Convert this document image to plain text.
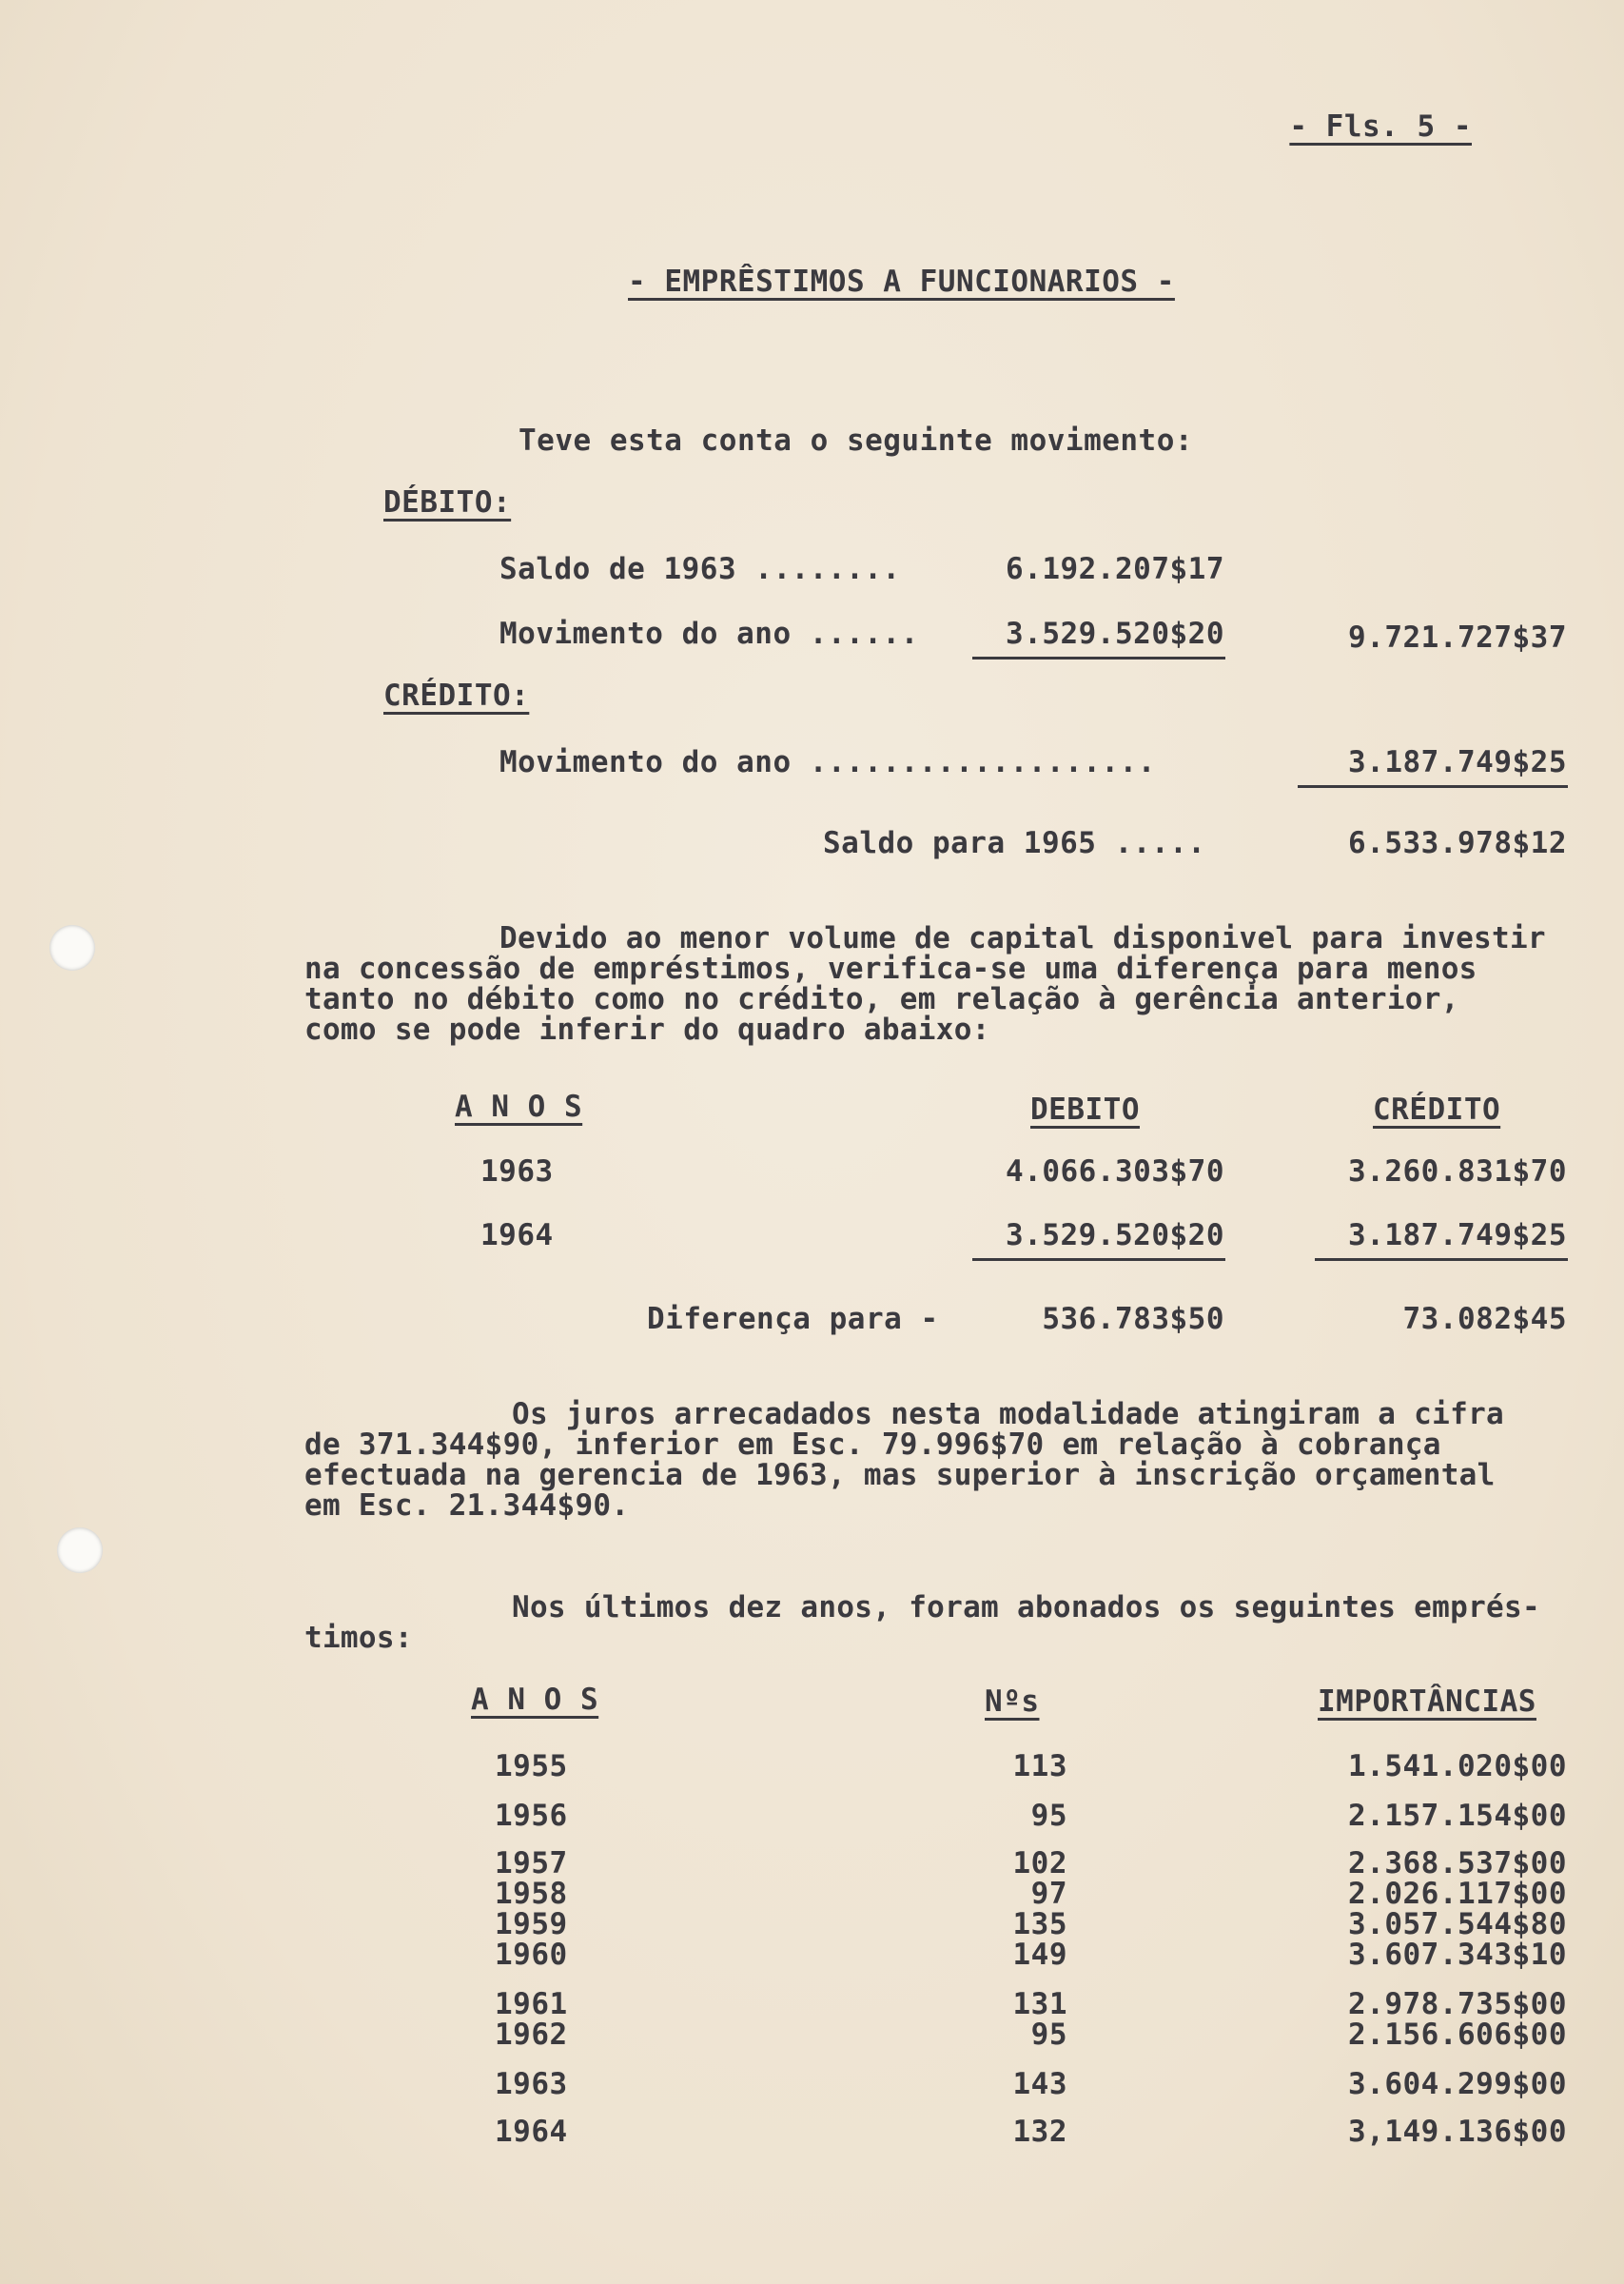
- Fls. 5 -
- EMPRÊSTIMOS A FUNCIONARIOS -
Teve esta conta o seguinte movimento:
DÉBITO:
Saldo de 1963 ........	6.192.207$17
Movimento do ano ......	3.529.520$20	9.721.727$37
CRÉDITO:
Movimento do ano ...................	3.187.749$25
Saldo para 1965 .....	6.533.978$12
Devido ao menor volume de capital disponivel para investir
na concessão de empréstimos, verifica-se uma diferença para menos
tanto no débito como no crédito, em relação à gerência anterior,
como se pode inferir do quadro abaixo:
A N O S	DEBITO	CRÉDITO
1963	4.066.303$70	3.260.831$70
1964	3.529.520$20	3.187.749$25
Diferença para -	536.783$50	73.082$45
Os juros arrecadados nesta modalidade atingiram a cifra
de 371.344$90, inferior em Esc. 79.996$70 em relação à cobrança
efectuada na gerencia de 1963, mas superior à inscrição orçamental
em Esc. 21.344$90.
Nos últimos dez anos, foram abonados os seguintes emprés-
timos:
A N O S	Nºs	IMPORTÂNCIAS
1955	113	1.541.020$00
1956	95	2.157.154$00
1957	102	2.368.537$00
1958	97	2.026.117$00
1959	135	3.057.544$80
1960	149	3.607.343$10
1961	131	2.978.735$00
1962	95	2.156.606$00
1963	143	3.604.299$00
1964	132	3,149.136$00
